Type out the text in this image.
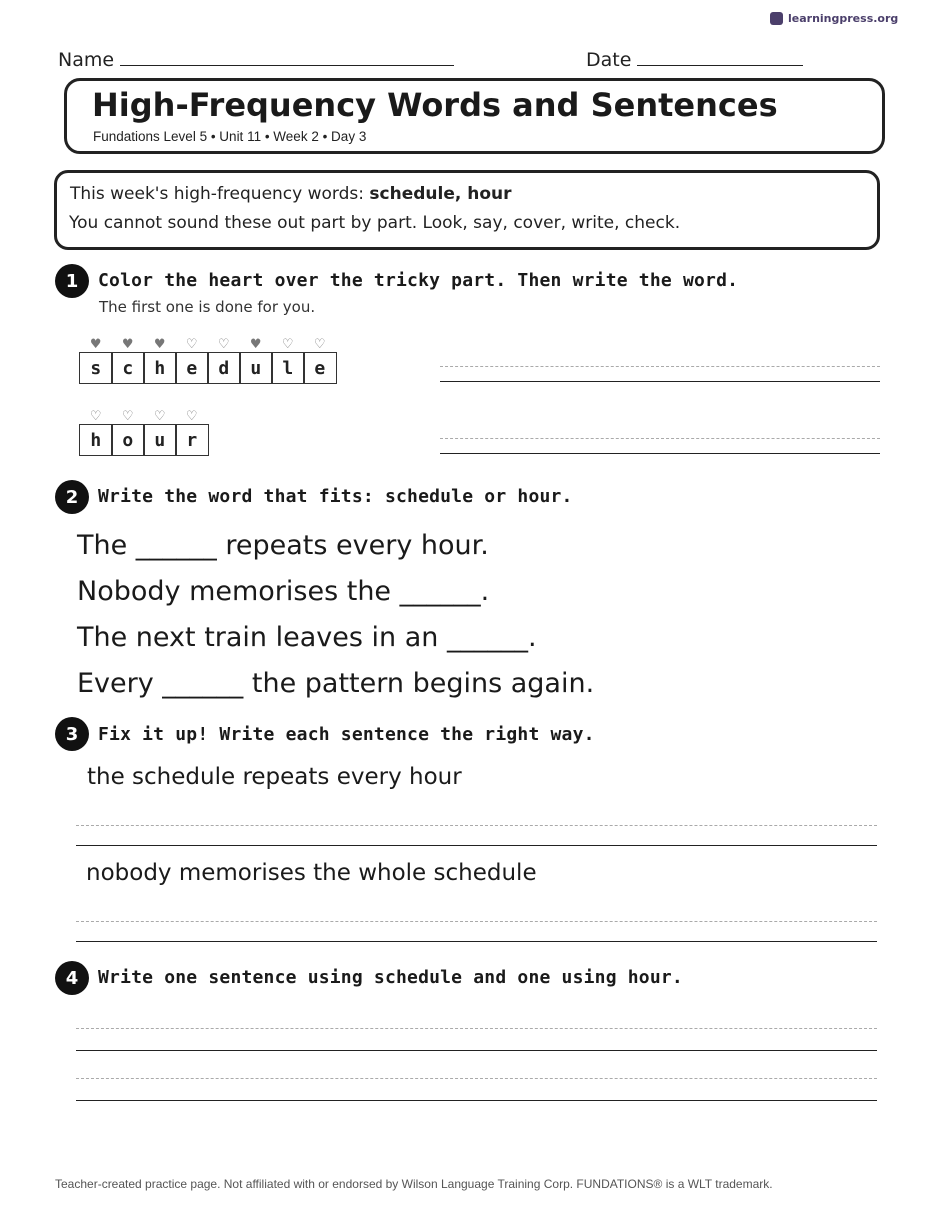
learningpress.org
Name	Date
High-Frequency Words and Sentences
Fundations Level 5 • Unit 11 • Week 2 • Day 3
This week's high-frequency words: schedule, hour
You cannot sound these out part by part. Look, say, cover, write, check.
1	Color the heart over the tricky part. Then write the word.
The first one is done for you.
♥	♥	♥	♡	♡	♥	♡	♡
s	c	h	e	d	u	l	e
♡	♡	♡	♡
h	o	u	r
2	Write the word that fits: schedule or hour.
The ______ repeats every hour.
Nobody memorises the ______.
The next train leaves in an ______.
Every ______ the pattern begins again.
3	Fix it up! Write each sentence the right way.
the schedule repeats every hour
nobody memorises the whole schedule
4	Write one sentence using schedule and one using hour.
Teacher-created practice page. Not affiliated with or endorsed by Wilson Language Training Corp. FUNDATIONS® is a WLT trademark.
